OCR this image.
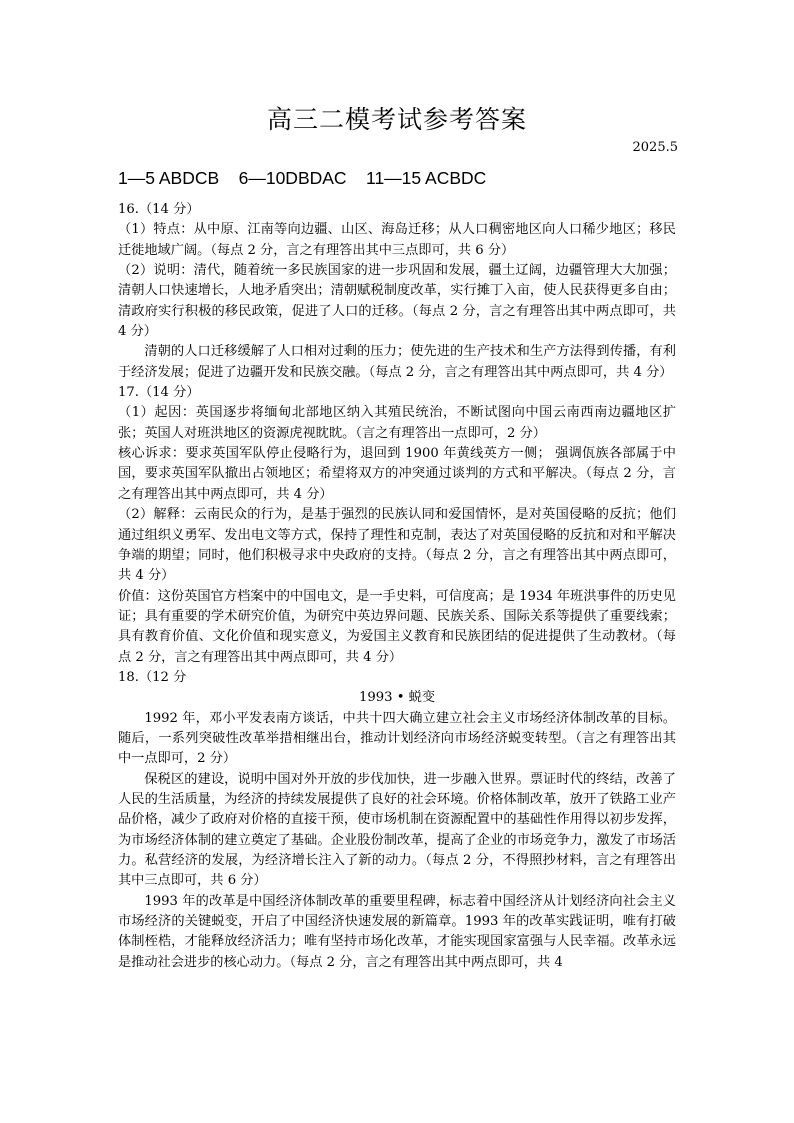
高三二模考试参考答案
2025.5
1—5 ABDCB    6—10DBDAC    11—15 ACBDC

16.（14 分）

（1）特点：从中原、江南等向边疆、山区、海岛迁移；从人口稠密地区向人口稀少地区；移民迁徙地域广阔。（每点 2 分，言之有理答出其中三点即可，共 6 分）

（2）说明：清代，随着统一多民族国家的进一步巩固和发展，疆土辽阔，边疆管理大大加强；清朝人口快速增长，人地矛盾突出；清朝赋税制度改革，实行摊丁入亩，使人民获得更多自由；清政府实行积极的移民政策，促进了人口的迁移。（每点 2 分，言之有理答出其中两点即可，共 4 分）

清朝的人口迁移缓解了人口相对过剩的压力；使先进的生产技术和生产方法得到传播，有利于经济发展；促进了边疆开发和民族交融。（每点 2 分，言之有理答出其中两点即可，共 4 分）

17.（14 分）

（1）起因：英国逐步将缅甸北部地区纳入其殖民统治，不断试图向中国云南西南边疆地区扩张；英国人对班洪地区的资源虎视眈眈。（言之有理答出一点即可，2 分）

核心诉求：要求英国军队停止侵略行为，退回到 1900 年黄线英方一侧； 强调佤族各部属于中国，要求英国军队撤出占领地区；希望将双方的冲突通过谈判的方式和平解决。（每点 2 分，言之有理答出其中两点即可，共 4 分）

（2）解释：云南民众的行为，是基于强烈的民族认同和爱国情怀，是对英国侵略的反抗；他们通过组织义勇军、发出电文等方式，保持了理性和克制，表达了对英国侵略的反抗和对和平解决争端的期望；同时，他们积极寻求中央政府的支持。（每点 2 分，言之有理答出其中两点即可，共 4 分）

价值：这份英国官方档案中的中国电文，是一手史料，可信度高；是 1934 年班洪事件的历史见证；具有重要的学术研究价值，为研究中英边界问题、民族关系、国际关系等提供了重要线索；具有教育价值、文化价值和现实意义，为爱国主义教育和民族团结的促进提供了生动教材。（每点 2 分，言之有理答出其中两点即可，共 4 分）

18.（12 分

1993 • 蜕变

1992 年，邓小平发表南方谈话，中共十四大确立建立社会主义市场经济体制改革的目标。随后，一系列突破性改革举措相继出台，推动计划经济向市场经济蜕变转型。（言之有理答出其中一点即可，2 分）

保税区的建设，说明中国对外开放的步伐加快，进一步融入世界。票证时代的终结，改善了人民的生活质量，为经济的持续发展提供了良好的社会环境。价格体制改革，放开了铁路工业产品价格，减少了政府对价格的直接干预，使市场机制在资源配置中的基础性作用得以初步发挥，为市场经济体制的建立奠定了基础。企业股份制改革，提高了企业的市场竞争力，激发了市场活力。私营经济的发展，为经济增长注入了新的动力。（每点 2 分，不得照抄材料，言之有理答出其中三点即可，共 6 分）

1993 年的改革是中国经济体制改革的重要里程碑，标志着中国经济从计划经济向社会主义市场经济的关键蜕变，开启了中国经济快速发展的新篇章。1993 年的改革实践证明，唯有打破体制桎梏，才能释放经济活力；唯有坚持市场化改革，才能实现国家富强与人民幸福。改革永远是推动社会进步的核心动力。（每点 2 分，言之有理答出其中两点即可，共 4
